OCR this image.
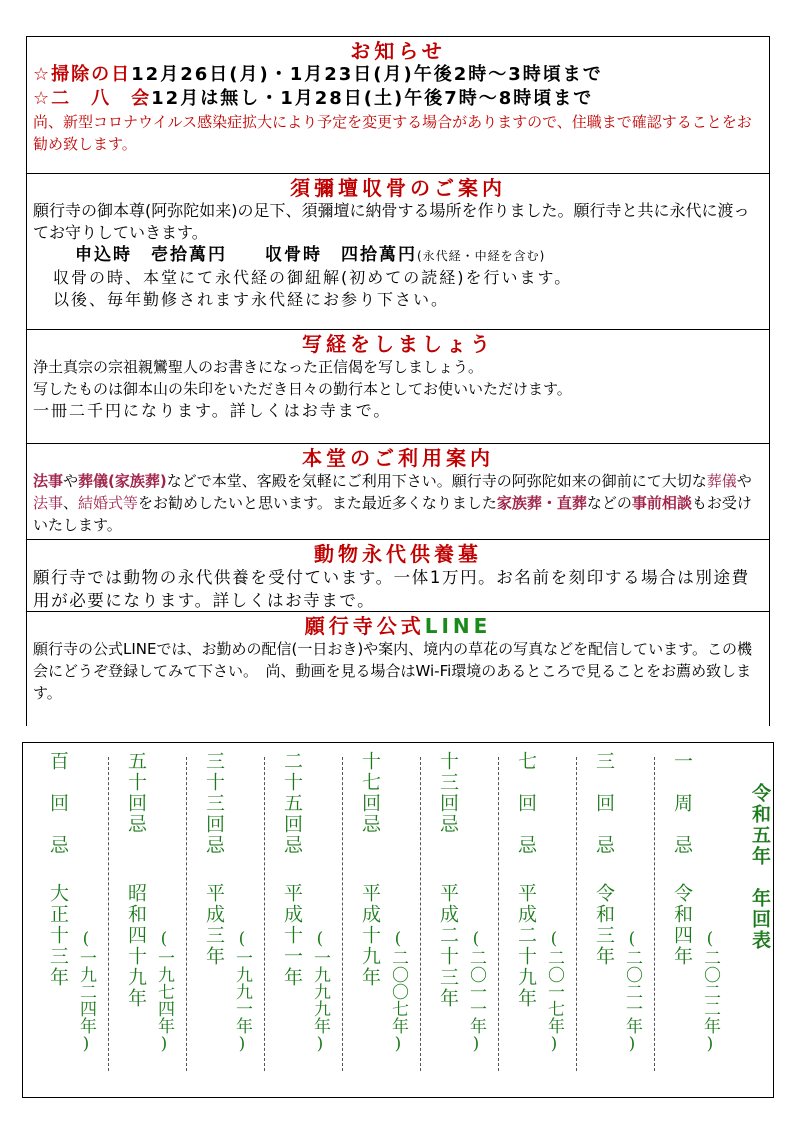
お知らせ
☆掃除の日12月26日(月)・1月23日(月)午後2時〜3時頃まで
☆二　八　会12月は無し・1月28日(土)午後7時〜8時頃まで
尚、新型コロナウイルス感染症拡大により予定を変更する場合がありますので、住職まで確認することをお勧め致します。
須彌壇収骨のご案内
願行寺の御本尊(阿弥陀如来)の足下、須彌壇に納骨する場所を作りました。願行寺と共に永代に渡ってお守りしていきます。
申込時　 壱拾萬円　　 収骨時　 四拾萬円(永代経・中経を含む)
収骨の時、本堂にて永代経の御紐解(初めての読経)を行います。
以後、毎年勤修されます永代経にお参り下さい。
写経をしましょう
浄土真宗の宗祖親鸞聖人のお書きになった正信偈を写しましょう。
写したものは御本山の朱印をいただき日々の勤行本としてお使いいただけます。
一冊二千円になります。詳しくはお寺まで。
本堂のご利用案内
法事や葬儀(家族葬)などで本堂、客殿を気軽にご利用下さい。願行寺の阿弥陀如来の御前にて大切な葬儀や法事、結婚式等をお勧めしたいと思います。また最近多くなりました家族葬・直葬などの事前相談もお受けいたします。
動物永代供養墓
願行寺では動物の永代供養を受付ています。一体1万円。お名前を刻印する場合は別途費用が必要になります。詳しくはお寺まで。
願行寺公式LINE
願行寺の公式LINEでは、お勤めの配信(一日おき)や案内、境内の草花の写真などを配信しています。この機会にどうぞ登録してみて下さい。　尚、動画を見る場合はWi-Fi環境のあるところで見ることをお薦め致します。
令和五年　年回表
一　周　忌
令和四年
(二〇二二年)
三　回　忌
令和三年
(二〇二一年)
七　回　忌
平成二十九年 (二〇一七年)
十三回忌
平成二十三年 (二〇一一年)
十七回忌
平成十九年 (二〇〇七年)
二十五回忌
平成十一年 (一九九九年)
三十三回忌
平成三年
(一九九一年)
五十回忌
昭和四十九年 (一九七四年)
百　回　忌
大正十三年 (一九二四年)
